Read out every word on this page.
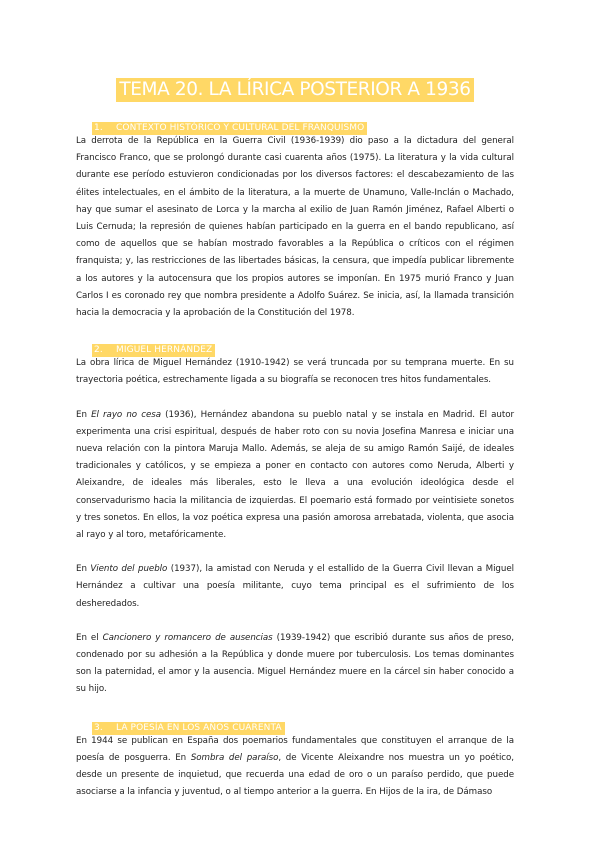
TEMA 20. LA LÍRICA POSTERIOR A 1936
1. CONTEXTO HISTÓRICO Y CULTURAL DEL FRANQUISMO

La derrota de la República en la Guerra Civil (1936-1939) dio paso a la dictadura del general Francisco Franco, que se prolongó durante casi cuarenta años (1975). La literatura y la vida cultural durante ese período estuvieron condicionadas por los diversos factores: el descabezamiento de las élites intelectuales, en el ámbito de la literatura, a la muerte de Unamuno, Valle-Inclán o Machado, hay que sumar el asesinato de Lorca y la marcha al exilio de Juan Ramón Jiménez, Rafael Alberti o Luis Cernuda; la represión de quienes habían participado en la guerra en el bando republicano, así como de aquellos que se habían mostrado favorables a la República o críticos con el régimen franquista; y, las restricciones de las libertades básicas, la censura, que impedía publicar libremente a los autores y la autocensura que los propios autores se imponían. En 1975 murió Franco y Juan Carlos I es coronado rey que nombra presidente a Adolfo Suárez. Se inicia, así, la llamada transición hacia la democracia y la aprobación de la Constitución del 1978.

2. MIGUEL HERNÁNDEZ

La obra lírica de Miguel Hernández (1910-1942) se verá truncada por su temprana muerte. En su trayectoria poética, estrechamente ligada a su biografía se reconocen tres hitos fundamentales.

En El rayo no cesa (1936), Hernández abandona su pueblo natal y se instala en Madrid. El autor experimenta una crisi espiritual, después de haber roto con su novia Josefina Manresa e iniciar una nueva relación con la pintora Maruja Mallo. Además, se aleja de su amigo Ramón Saijé, de ideales tradicionales y católicos, y se empieza a poner en contacto con autores como Neruda, Alberti y Aleixandre, de ideales más liberales, esto le lleva a una evolución ideológica desde el conservadurismo hacia la militancia de izquierdas. El poemario está formado por veintisiete sonetos y tres sonetos. En ellos, la voz poética expresa una pasión amorosa arrebatada, violenta, que asocia al rayo y al toro, metafóricamente.

En Viento del pueblo (1937), la amistad con Neruda y el estallido de la Guerra Civil llevan a Miguel Hernández a cultivar una poesía militante, cuyo tema principal es el sufrimiento de los desheredados.

En el Cancionero y romancero de ausencias (1939-1942) que escribió durante sus años de preso, condenado por su adhesión a la República y donde muere por tuberculosis. Los temas dominantes son la paternidad, el amor y la ausencia. Miguel Hernández muere en la cárcel sin haber conocido a su hijo.

3. LA POESÍA EN LOS AÑOS CUARENTA

En 1944 se publican en España dos poemarios fundamentales que constituyen el arranque de la poesía de posguerra. En Sombra del paraíso, de Vicente Aleixandre nos muestra un yo poético, desde un presente de inquietud, que recuerda una edad de oro o un paraíso perdido, que puede asociarse a la infancia y juventud, o al tiempo anterior a la guerra. En Hijos de la ira, de Dámaso
